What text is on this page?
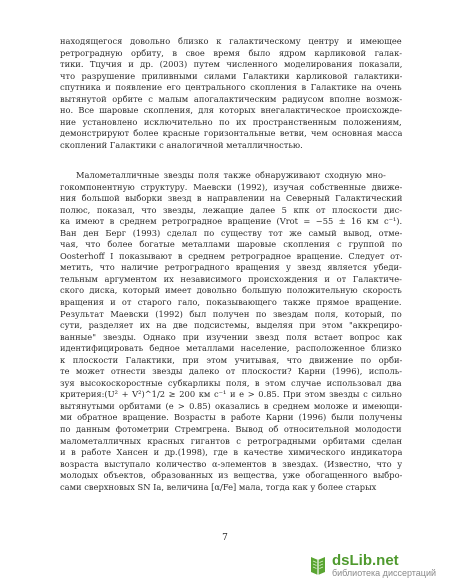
находящегося довольно близко к галактическому центру и имеющее
ретроградную орбиту, в свое время было ядром карликовой галак-
тики. Тцучия и др. (2003) путем численного моделирования показали,
что разрушение приливными силами Галактики карликовой галактики-
спутника и появление его центрального скопления в Галактике на очень
вытянутой орбите с малым апогалактическим радиусом вполне возмож-
но. Все шаровые скопления, для которых внегалактическое происхожде-
ние установлено исключительно по их пространственным положениям,
демонстрируют более красные горизонтальные ветви, чем основная масса
скоплений Галактики с аналогичной металличностью.
Малометалличные звезды поля также обнаруживают сходную мно-
гокомпонентную структуру. Маевски (1992), изучая собственные движе-
ния большой выборки звезд в направлении на Северный Галактический
полюс, показал, что звезды, лежащие далее 5 кпк от плоскости дис-
ка имеют в среднем ретроградное вращение (Vrot = −55 ± 16 км c⁻¹).
Ван ден Берг (1993) сделал по существу тот же самый вывод, отме-
чая, что более богатые металлами шаровые скопления с группой по
Oosterhoff I показывают в среднем ретроградное вращение. Следует от-
метить, что наличие ретроградного вращения у звезд является убеди-
тельным аргументом их независимого происхождения и от Галактиче-
ского диска, который имеет довольно большую положительную скорость
вращения и от старого гало, показывающего также прямое вращение.
Результат Маевски (1992) был получен по звездам поля, который, по
сути, разделяет их на две подсистемы, выделяя при этом "аккрециро-
ванные" звезды. Однако при изучении звезд поля встает вопрос как
идентифицировать бедное металлами население, расположенное близко
к плоскости Галактики, при этом учитывая, что движение по орби-
те может отнести звезды далеко от плоскости? Карни (1996), исполь-
зуя высокоскоростные субкарликы поля, в этом случае использовал два
критерия:(U² + V²)^1/2 ≥ 200 км c⁻¹ и e > 0.85. При этом звезды с сильно
вытянутыми орбитами (e > 0.85) оказались в среднем моложе и имеющи-
ми обратное вращение. Возрасты в работе Карни (1996) были получены
по данным фотометрии Стремгрена. Вывод об относительной молодости
малометалличных красных гигантов с ретроградными орбитами сделан
и в работе Хансен и др.(1998), где в качестве химического индикатора
возраста выступало количество α-элементов в звездах. (Известно, что у
молодых объектов, образованных из вещества, уже обогащенного выбро-
сами сверхновых SN Ia, величина [α/Fe] мала, тогда как у более старых
7
dsLib.net
библиотека диссертаций
